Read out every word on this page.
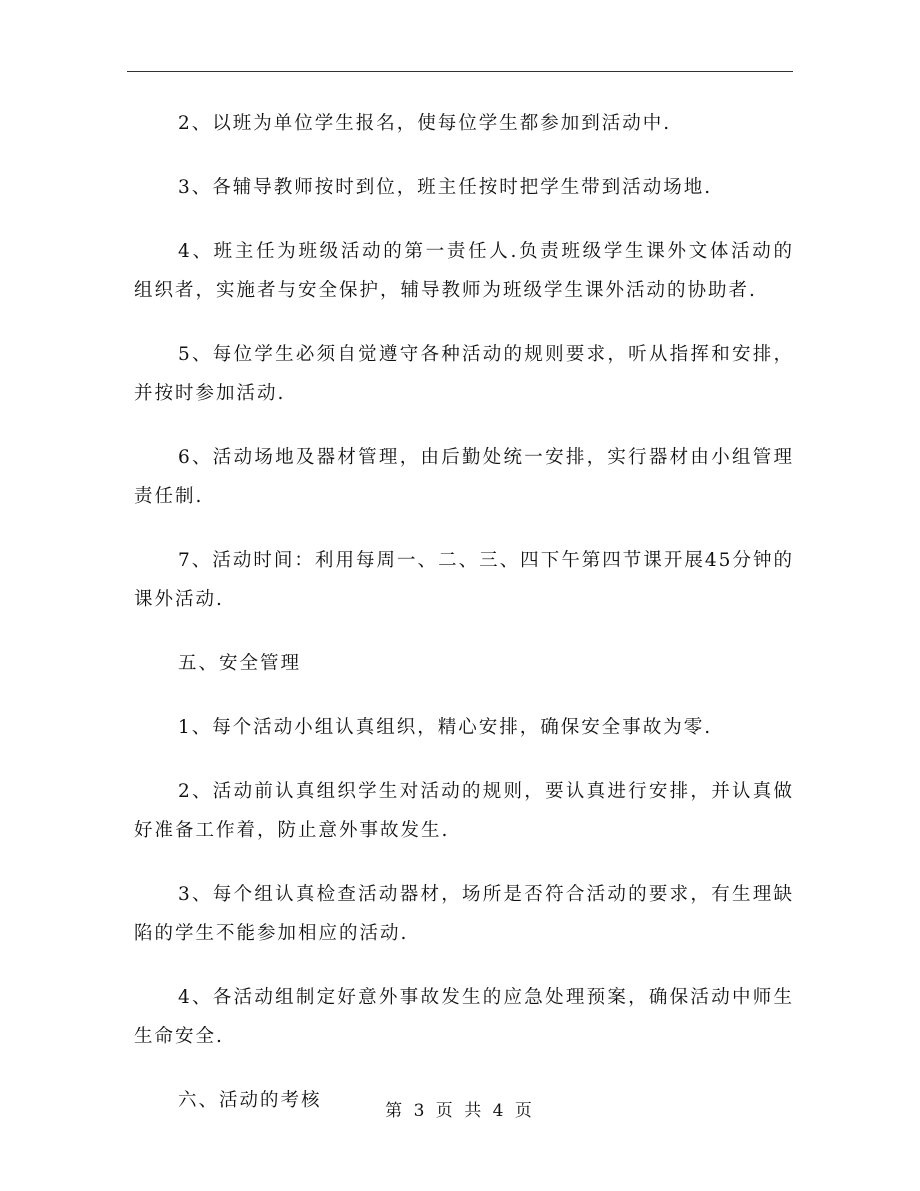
2、以班为单位学生报名，使每位学生都参加到活动中.

3、各辅导教师按时到位，班主任按时把学生带到活动场地.

4、班主任为班级活动的第一责任人.负责班级学生课外文体活动的组织者，实施者与安全保护，辅导教师为班级学生课外活动的协助者.

5、每位学生必须自觉遵守各种活动的规则要求，听从指挥和安排，并按时参加活动.

6、活动场地及器材管理，由后勤处统一安排，实行器材由小组管理责任制.

7、活动时间：利用每周一、二、三、四下午第四节课开展45分钟的课外活动.

五、安全管理

1、每个活动小组认真组织，精心安排，确保安全事故为零.

2、活动前认真组织学生对活动的规则，要认真进行安排，并认真做好准备工作着，防止意外事故发生.

3、每个组认真检查活动器材，场所是否符合活动的要求，有生理缺陷的学生不能参加相应的活动.

4、各活动组制定好意外事故发生的应急处理预案，确保活动中师生生命安全.

六、活动的考核	第 3 页 共 4 页
